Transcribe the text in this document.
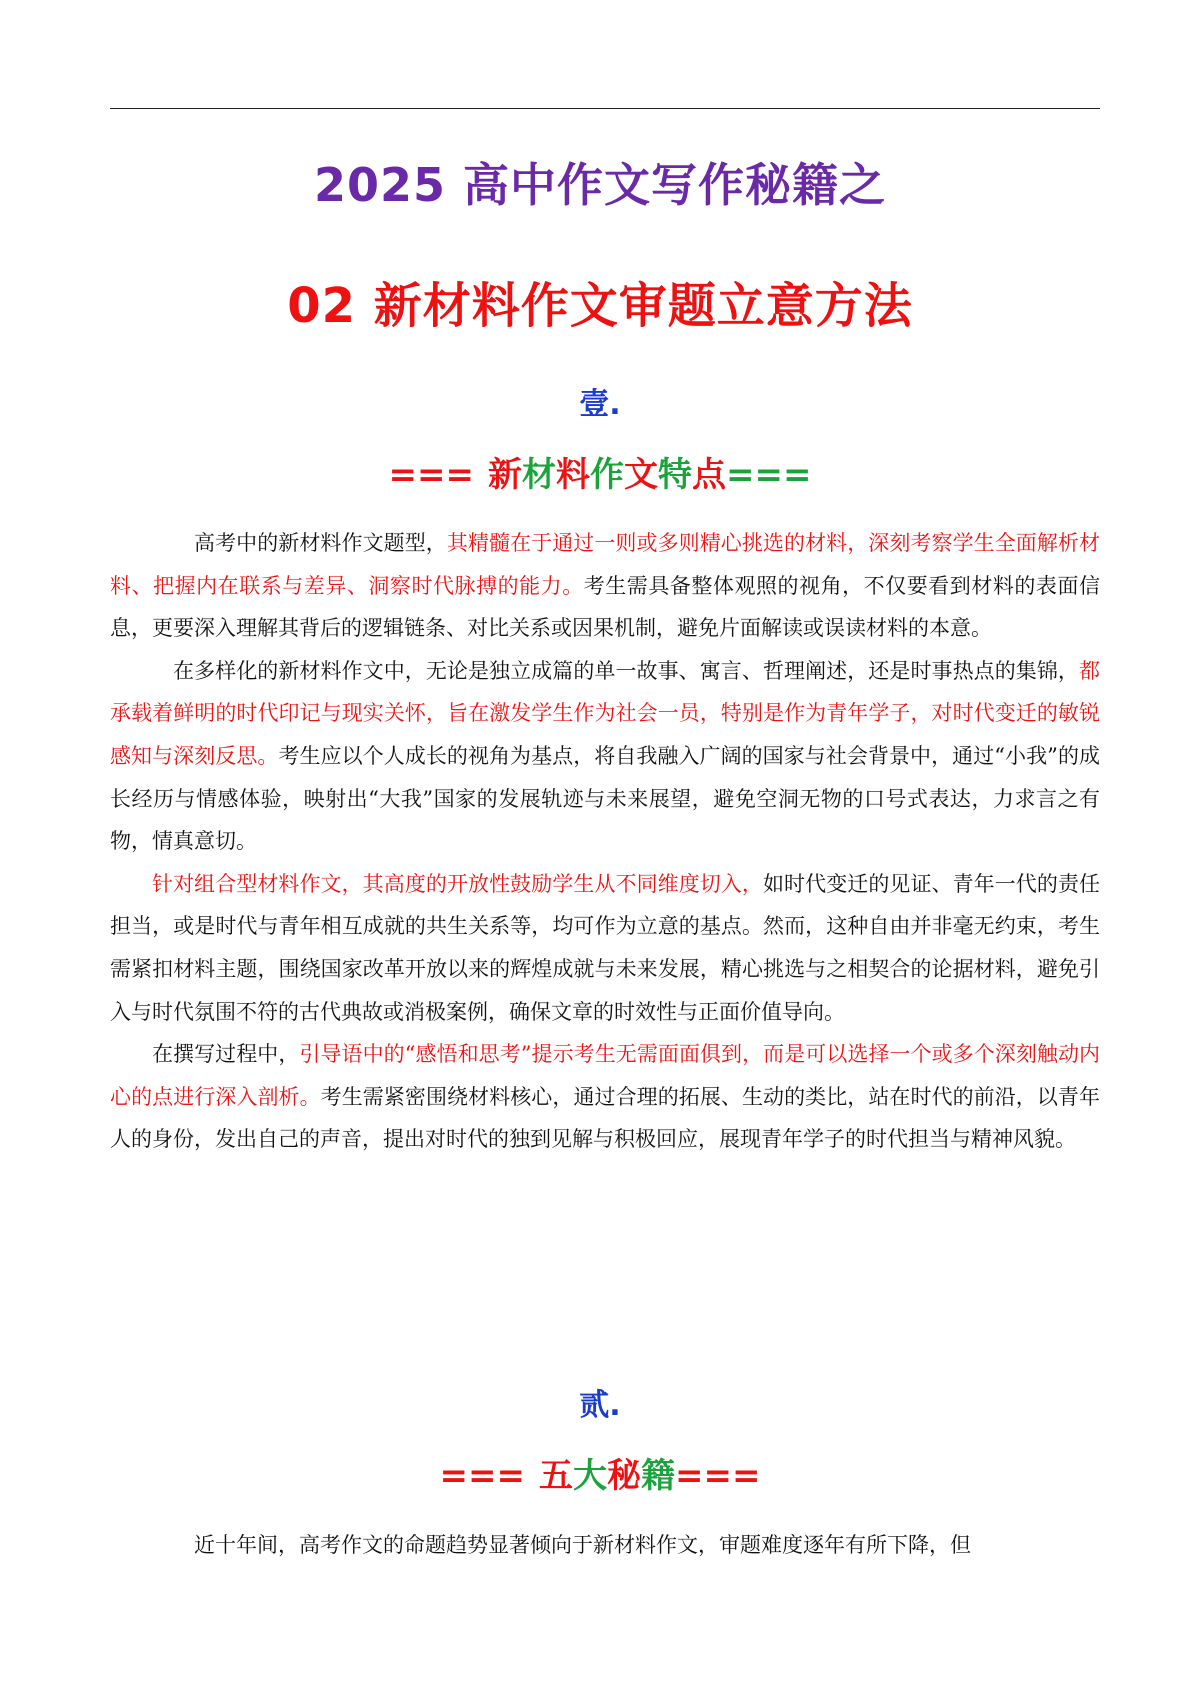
2025 高中作文写作秘籍之
02 新材料作文审题立意方法
壹.
=== 新材料作文特点===

高考中的新材料作文题型，其精髓在于通过一则或多则精心挑选的材料，深刻考察学生全面解析材料、把握内在联系与差异、洞察时代脉搏的能力。考生需具备整体观照的视角，不仅要看到材料的表面信息，更要深入理解其背后的逻辑链条、对比关系或因果机制，避免片面解读或误读材料的本意。

在多样化的新材料作文中，无论是独立成篇的单一故事、寓言、哲理阐述，还是时事热点的集锦，都承载着鲜明的时代印记与现实关怀，旨在激发学生作为社会一员，特别是作为青年学子，对时代变迁的敏锐感知与深刻反思。考生应以个人成长的视角为基点，将自我融入广阔的国家与社会背景中，通过“小我”的成长经历与情感体验，映射出“大我”国家的发展轨迹与未来展望，避免空洞无物的口号式表达，力求言之有物，情真意切。

针对组合型材料作文，其高度的开放性鼓励学生从不同维度切入，如时代变迁的见证、青年一代的责任担当，或是时代与青年相互成就的共生关系等，均可作为立意的基点。然而，这种自由并非毫无约束，考生需紧扣材料主题，围绕国家改革开放以来的辉煌成就与未来发展，精心挑选与之相契合的论据材料，避免引入与时代氛围不符的古代典故或消极案例，确保文章的时效性与正面价值导向。

在撰写过程中，引导语中的“感悟和思考”提示考生无需面面俱到，而是可以选择一个或多个深刻触动内心的点进行深入剖析。考生需紧密围绕材料核心，通过合理的拓展、生动的类比，站在时代的前沿，以青年人的身份，发出自己的声音，提出对时代的独到见解与积极回应，展现青年学子的时代担当与精神风貌。

贰.
=== 五大秘籍===

近十年间，高考作文的命题趋势显著倾向于新材料作文，审题难度逐年有所下降，但
